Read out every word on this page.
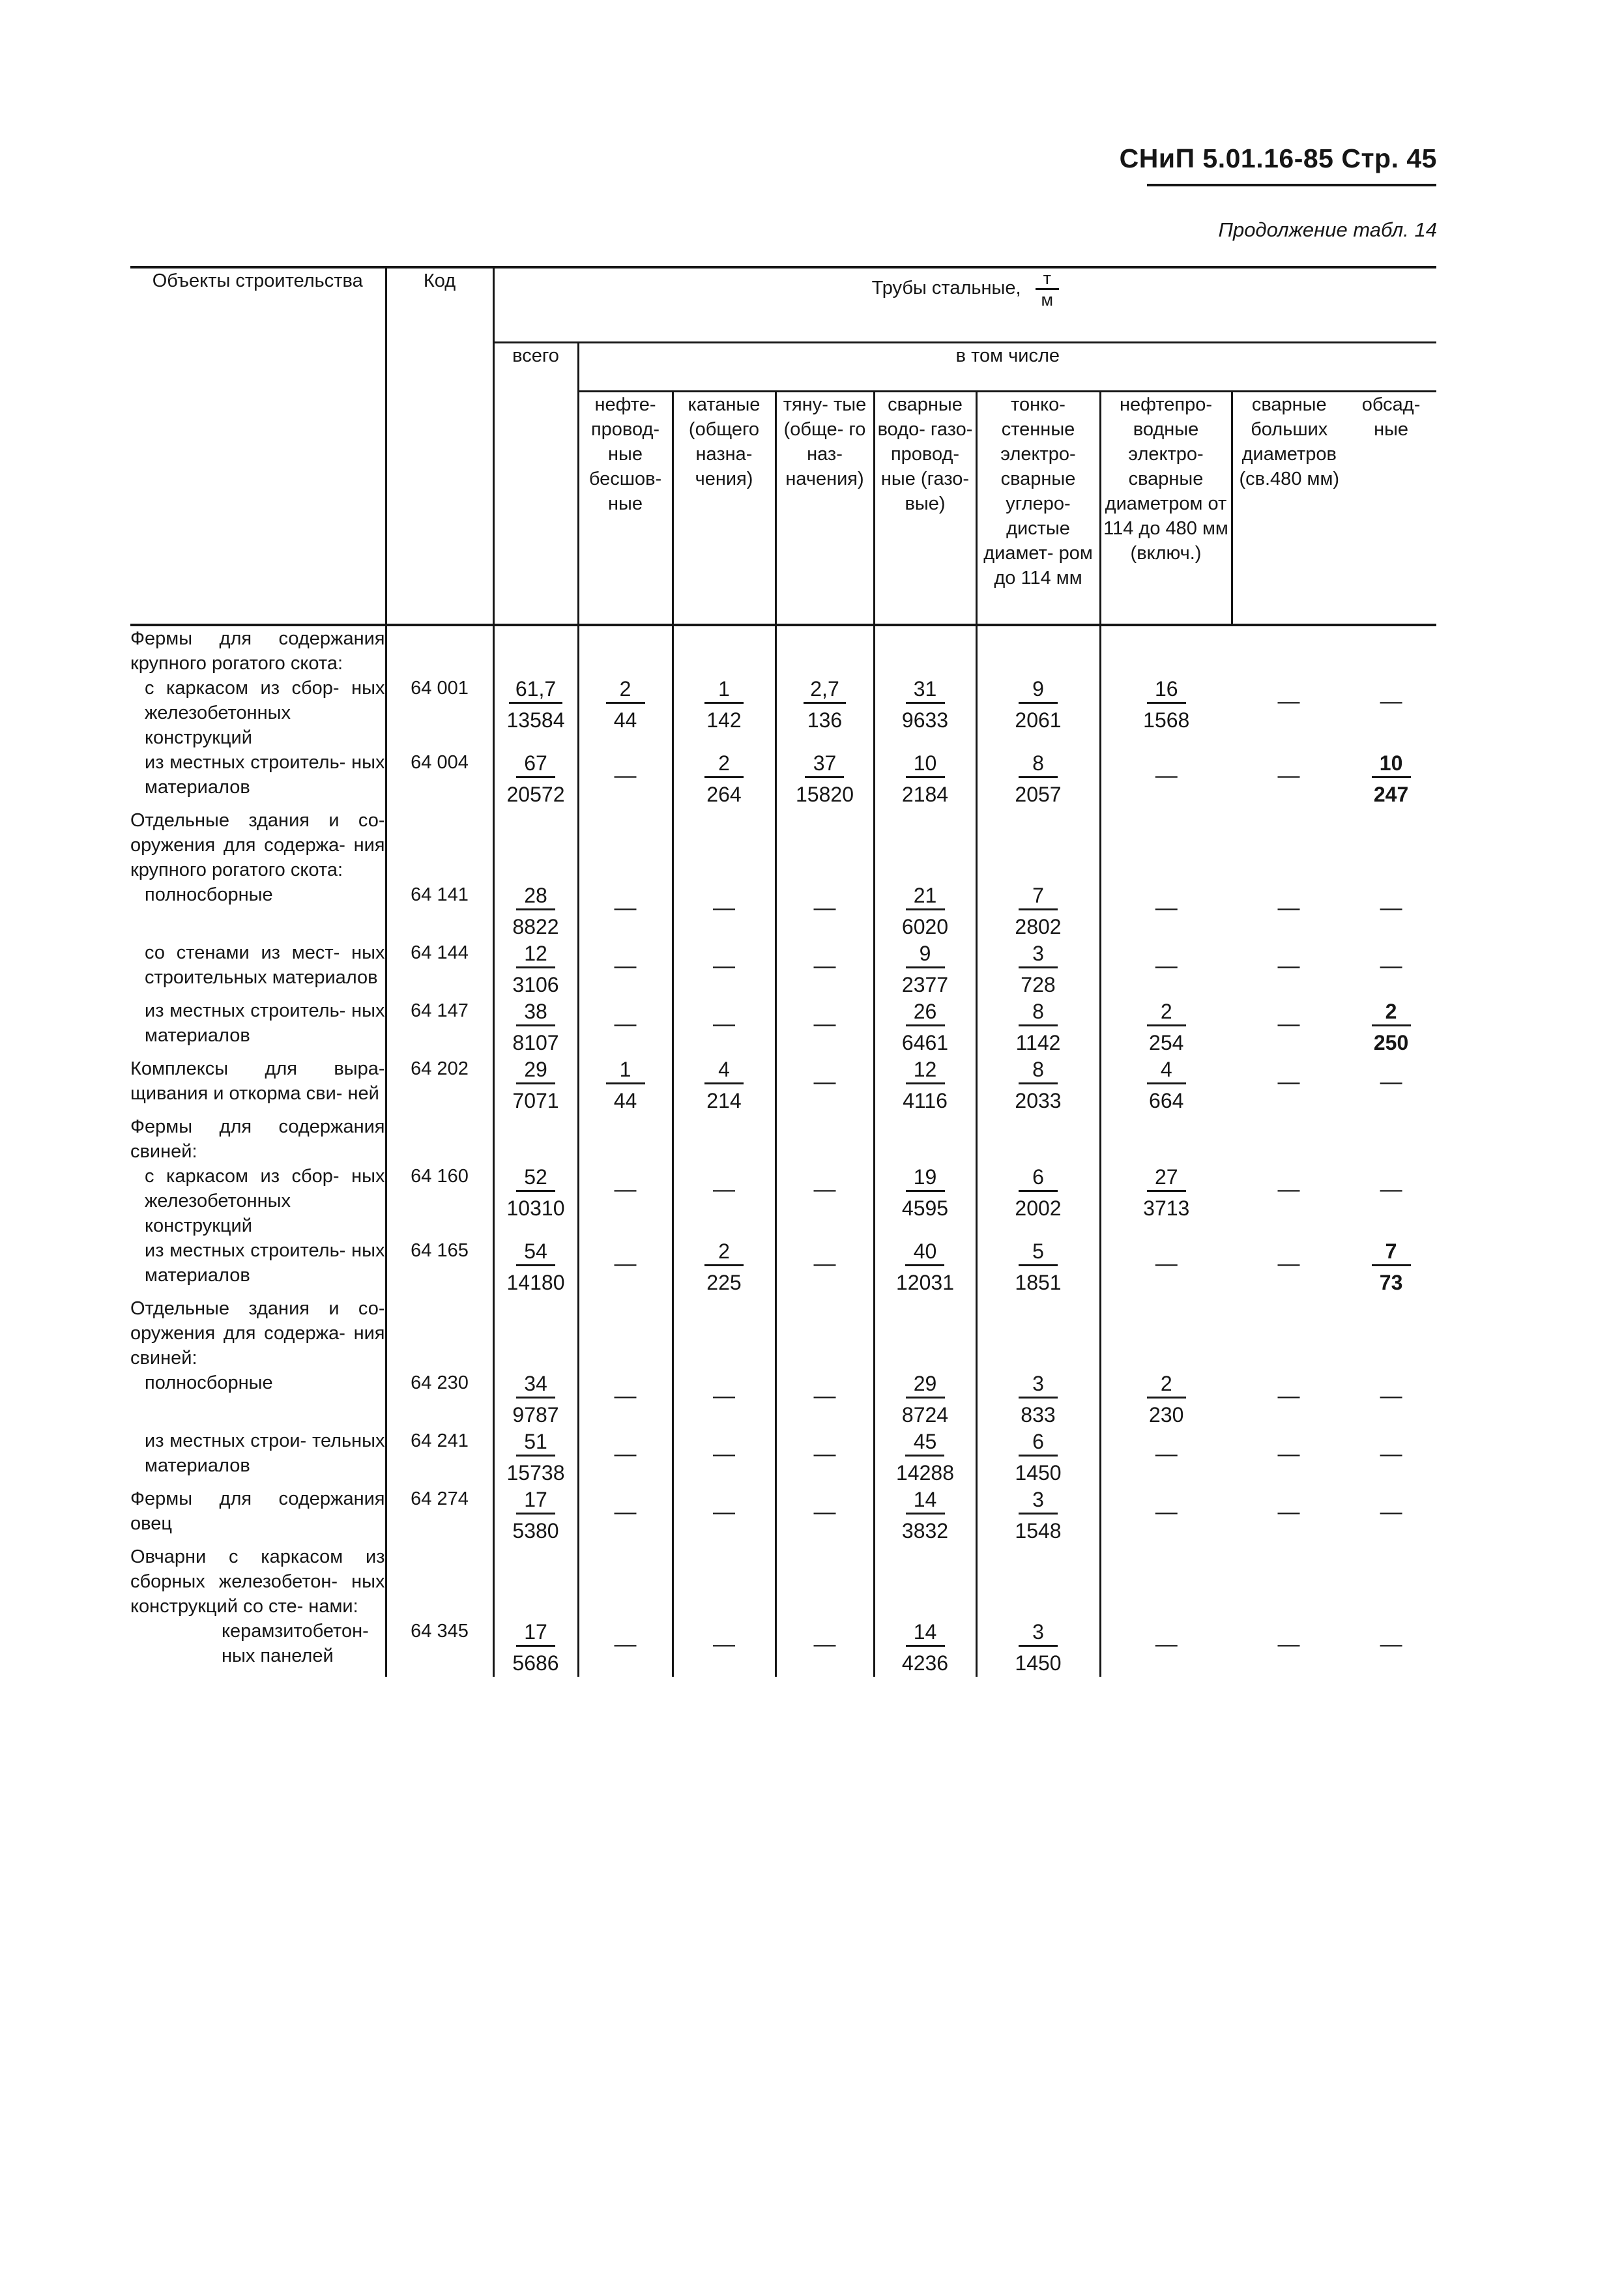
СНиП 5.01.16-85 Стр. 45
Продолжение табл. 14
Объекты строительства	Код	Трубы стальные, т
м								

		всего	в том числе							
			нефте- провод- ные бесшов- ные	катаные (общего назна- чения)	тяну- тые (обще- го наз- начения)	сварные водо- газо- провод- ные (газо- вые)	тонко- стенные электро- сварные углеро- дистые диамет- ром до 114 мм	нефтепро- водные электро- сварные диаметром от 114 до 480 мм (включ.)	сварные больших диаметров (св.480 мм)	обсад- ные
Фермы для содержания крупного рогатого скота:										
с каркасом из сбор- ных железобетонных конструкций	64 001	$\frac{61,7}{13584}$	$\frac{2}{44}$	$\frac{1}{142}$	$\frac{2,7}{136}$	$\frac{31}{9633}$	$\frac{9}{2061}$	$\frac{16}{1568}$	—	—
из местных строитель- ных материалов	64 004	$\frac{67}{20572}$	—	$\frac{2}{264}$	$\frac{37}{15820}$	$\frac{10}{2184}$	$\frac{8}{2057}$	—	—	$\frac{10}{247}$

Отдельные здания и со- оружения для содержа- ния крупного рогатого скота:										
полносборные	64 141	$\frac{28}{8822}$	—	—	—	$\frac{21}{6020}$	$\frac{7}{2802}$	—	—	—
со стенами из мест- ных строительных материалов	64 144	$\frac{12}{3106}$	—	—	—	$\frac{9}{2377}$	$\frac{3}{728}$	—	—	—
из местных строитель- ных материалов	64 147	$\frac{38}{8107}$	—	—	—	$\frac{26}{6461}$	$\frac{8}{1142}$	$\frac{2}{254}$	—	$\frac{2}{250}$

Комплексы для выра- щивания и откорма сви- ней	64 202	$\frac{29}{7071}$	$\frac{1}{44}$	$\frac{4}{214}$	—	$\frac{12}{4116}$	$\frac{8}{2033}$	$\frac{4}{664}$	—	—
Фермы для содержания свиней:										
с каркасом из сбор- ных железобетонных конструкций	64 160	$\frac{52}{10310}$	—	—	—	$\frac{19}{4595}$	$\frac{6}{2002}$	$\frac{27}{3713}$	—	—
из местных строитель- ных материалов	64 165	$\frac{54}{14180}$	—	$\frac{2}{225}$	—	$\frac{40}{12031}$	$\frac{5}{1851}$	—	—	$\frac{7}{73}$

Отдельные здания и со- оружения для содержа- ния свиней:										
полносборные	64 230	$\frac{34}{9787}$	—	—	—	$\frac{29}{8724}$	$\frac{3}{833}$	$\frac{2}{230}$	—	—
из местных строи- тельных материалов	64 241	$\frac{51}{15738}$	—	—	—	$\frac{45}{14288}$	$\frac{6}{1450}$	—	—	—
Фермы для содержания овец	64 274	$\frac{17}{5380}$	—	—	—	$\frac{14}{3832}$	$\frac{3}{1548}$	—	—	—
Овчарни с каркасом из сборных железобетон- ных конструкций со сте- нами:										
керамзитобетон- ных панелей	64 345	$\frac{17}{5686}$	—	—	—	$\frac{14}{4236}$	$\frac{3}{1450}$	—	—	—
